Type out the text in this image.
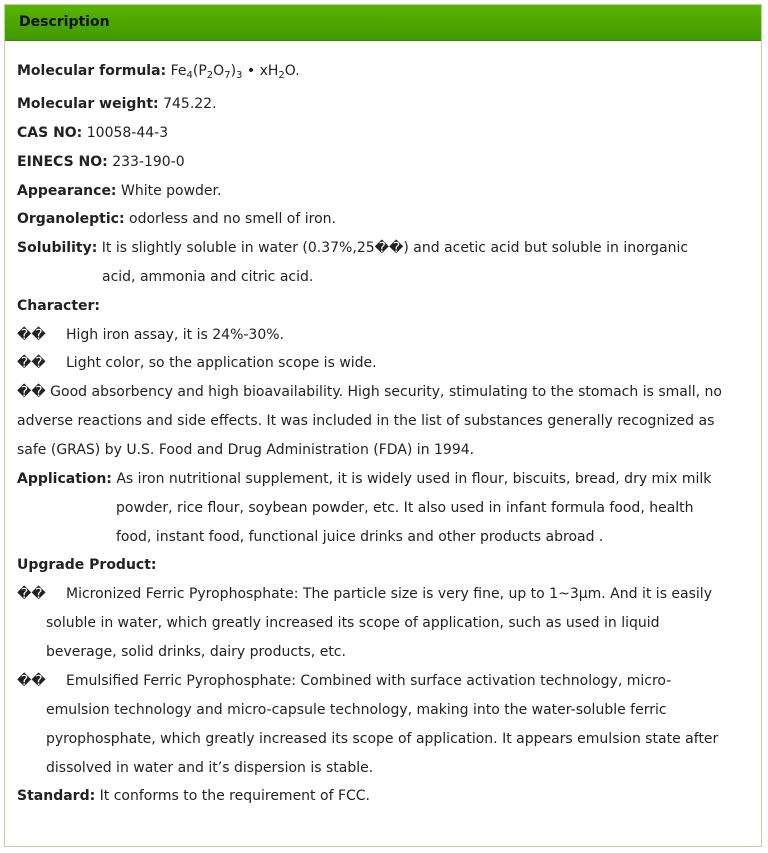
Description
Molecular formula: $Fe_4(P_2O_7)_3$ • $xH_2O$.
Molecular weight: 745.22.
CAS NO: 10058-44-3
EINECS NO: 233-190-0
Appearance: White powder.
Organoleptic: odorless and no smell of iron.
Solubility: It is slightly soluble in water (0.37%,25��) and acetic acid but soluble in inorganic
acid, ammonia and citric acid.
Character:
�� High iron assay, it is 24%-30%.
�� Light color, so the application scope is wide.
�� Good absorbency and high bioavailability. High security, stimulating to the stomach is small, no
adverse reactions and side effects. It was included in the list of substances generally recognized as
safe (GRAS) by U.S. Food and Drug Administration (FDA) in 1994.
Application: As iron nutritional supplement, it is widely used in flour, biscuits, bread, dry mix milk
powder, rice flour, soybean powder, etc. It also used in infant formula food, health
food, instant food, functional juice drinks and other products abroad .
Upgrade Product:
�� Micronized Ferric Pyrophosphate: The particle size is very fine, up to 1~3μm. And it is easily
soluble in water, which greatly increased its scope of application, such as used in liquid
beverage, solid drinks, dairy products, etc.
�� Emulsified Ferric Pyrophosphate: Combined with surface activation technology, micro-
emulsion technology and micro-capsule technology, making into the water-soluble ferric
pyrophosphate, which greatly increased its scope of application. It appears emulsion state after
dissolved in water and it’s dispersion is stable.
Standard: It conforms to the requirement of FCC.
